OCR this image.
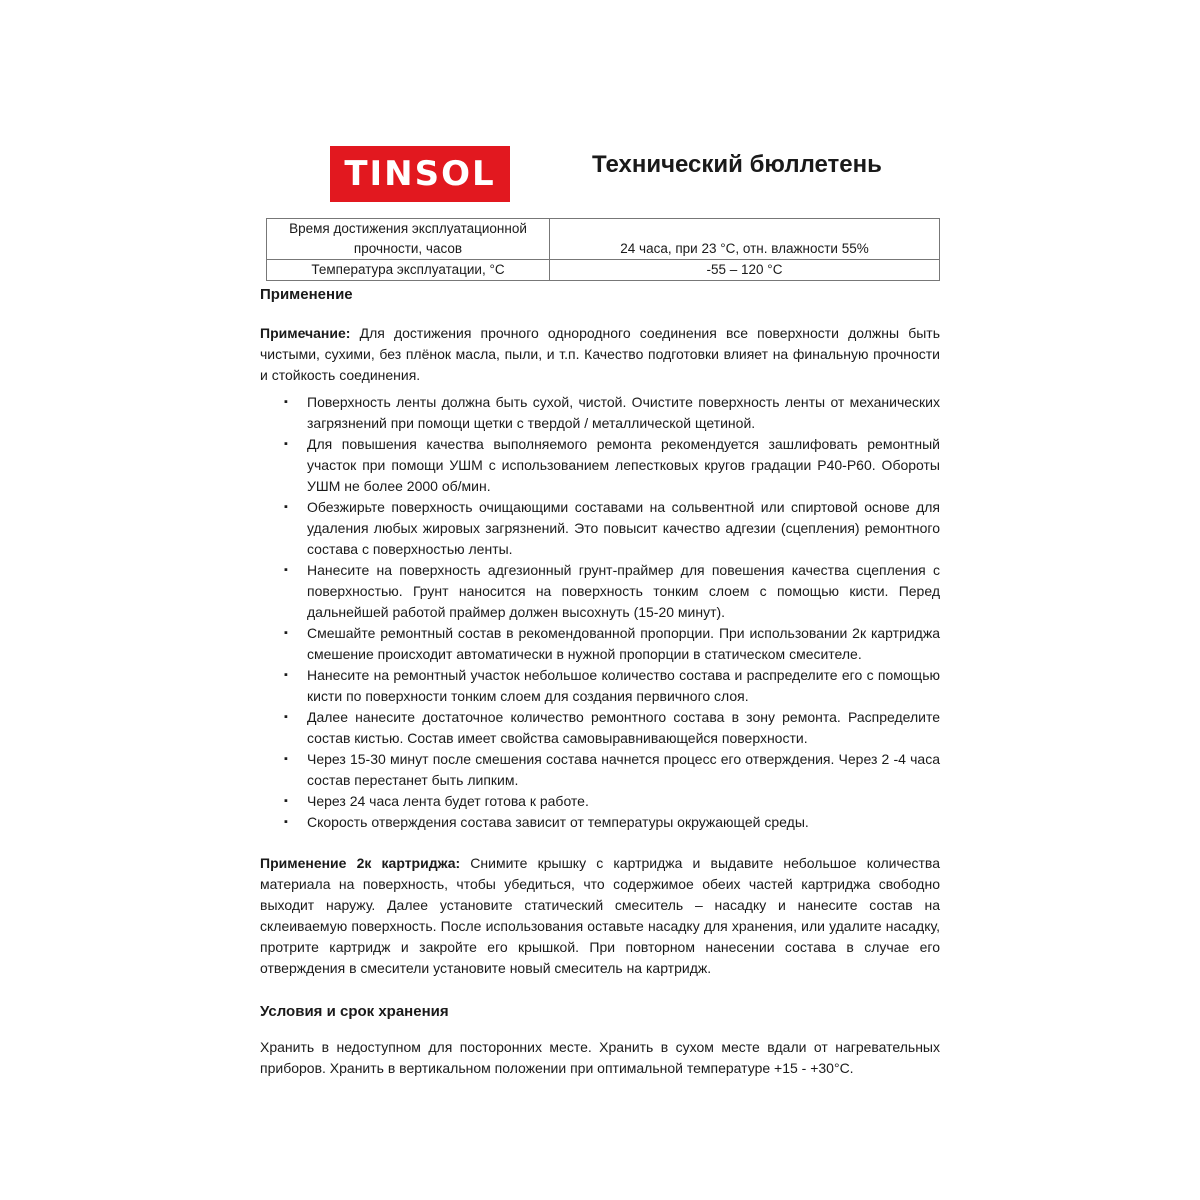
TINSOL	Технический бюллетень
Время достижения эксплуатационной прочности, часов	24 часа, при 23 °С, отн. влажности 55%
Температура эксплуатации, °С	-55 – 120 °С
Применение

Примечание: Для достижения прочного однородного соединения все поверхности должны быть чистыми, сухими, без плёнок масла, пыли, и т.п. Качество подготовки влияет на финальную прочности и стойкость соединения.

▪ Поверхность ленты должна быть сухой, чистой. Очистите поверхность ленты от механических загрязнений при помощи щетки с твердой / металлической щетиной.
▪ Для повышения качества выполняемого ремонта рекомендуется зашлифовать ремонтный участок при помощи УШМ с использованием лепестковых кругов градации Р40-Р60. Обороты УШМ не более 2000 об/мин.
▪ Обезжирьте поверхность очищающими составами на сольвентной или спиртовой основе для удаления любых жировых загрязнений. Это повысит качество адгезии (сцепления) ремонтного состава с поверхностью ленты.
▪ Нанесите на поверхность адгезионный грунт-праймер для повешения качества сцепления с поверхностью. Грунт наносится на поверхность тонким слоем с помощью кисти. Перед дальнейшей работой праймер должен высохнуть (15-20 минут).
▪ Смешайте ремонтный состав в рекомендованной пропорции. При использовании 2к картриджа смешение происходит автоматически в нужной пропорции в статическом смесителе.
▪ Нанесите на ремонтный участок небольшое количество состава и распределите его с помощью кисти по поверхности тонким слоем для создания первичного слоя.
▪ Далее нанесите достаточное количество ремонтного состава в зону ремонта. Распределите состав кистью. Состав имеет свойства самовыравнивающейся поверхности.
▪ Через 15-30 минут после смешения состава начнется процесс его отверждения. Через 2 -4 часа состав перестанет быть липким.
▪ Через 24 часа лента будет готова к работе.
▪ Скорость отверждения состава зависит от температуры окружающей среды.

Применение 2к картриджа: Снимите крышку с картриджа и выдавите небольшое количества материала на поверхность, чтобы убедиться, что содержимое обеих частей картриджа свободно выходит наружу. Далее установите статический смеситель – насадку и нанесите состав на склеиваемую поверхность. После использования оставьте насадку для хранения, или удалите насадку, протрите картридж и закройте его крышкой. При повторном нанесении состава в случае его отверждения в смесители установите новый смеситель на картридж.

Условия и срок хранения

Хранить в недоступном для посторонних месте. Хранить в сухом месте вдали от нагревательных приборов. Хранить в вертикальном положении при оптимальной температуре +15 - +30°С.
